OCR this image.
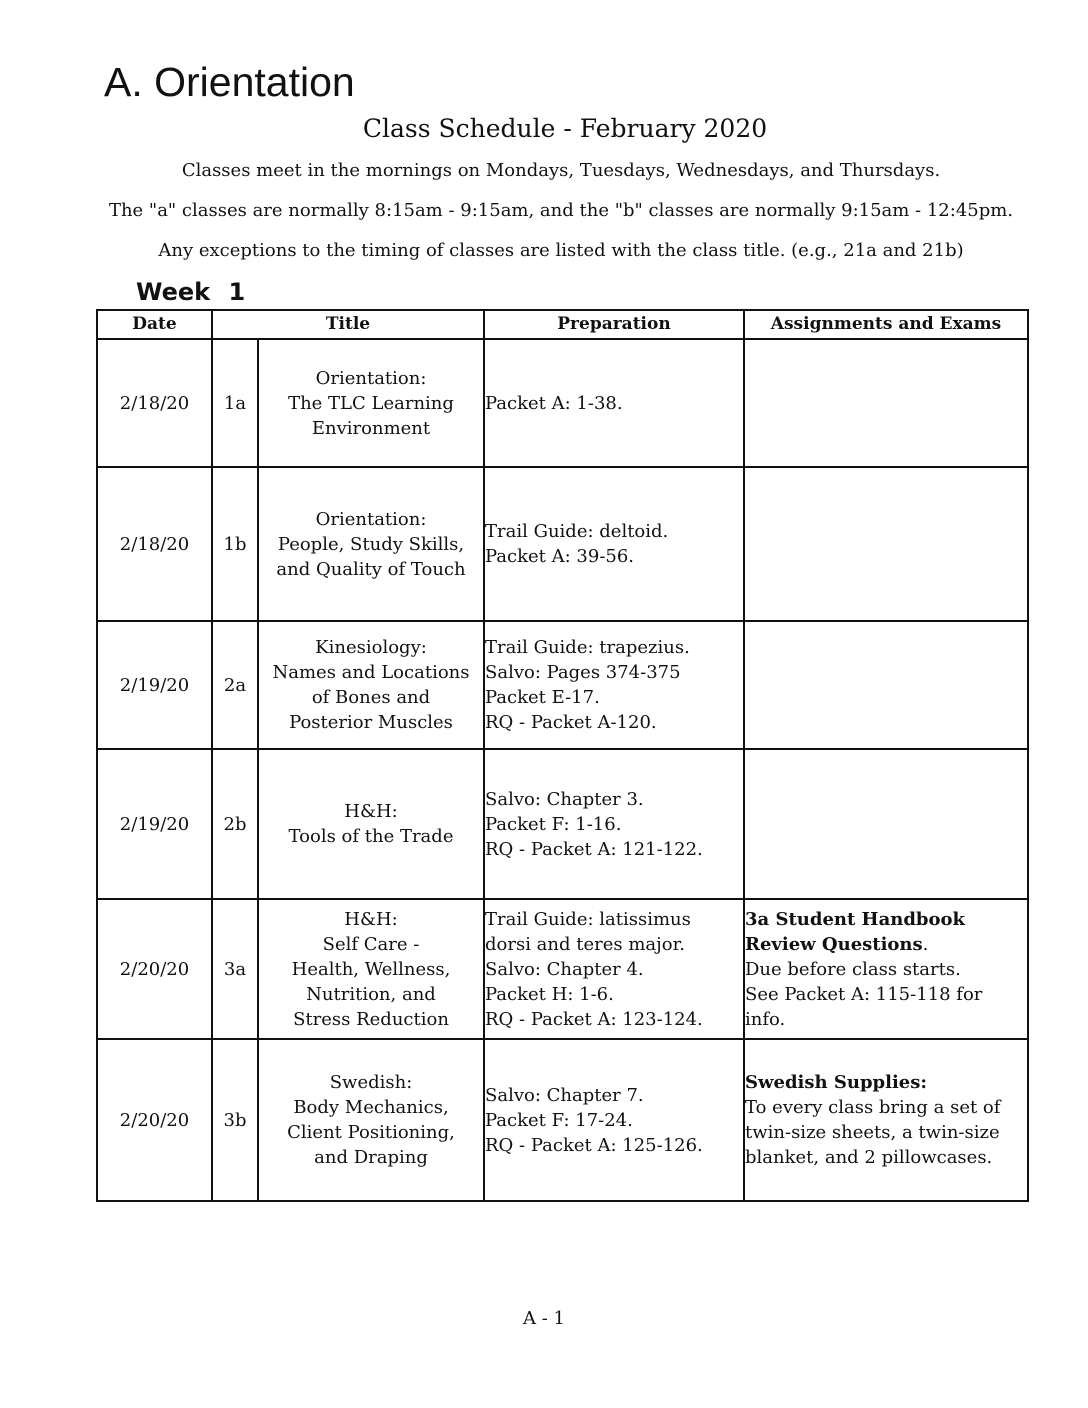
A. Orientation
Class Schedule - February 2020

Classes meet in the mornings on Mondays, Tuesdays, Wednesdays, and Thursdays.

The "a" classes are normally 8:15am - 9:15am, and the "b" classes are normally 9:15am - 12:45pm.

Any exceptions to the timing of classes are listed with the class title. (e.g., 21a and 21b)

Week 1
Date	Title		Preparation	Assignments and Exams
2/18/20	1a	Orientation:
The TLC Learning
Environment	Packet A: 1-38.	

2/18/20	1b	Orientation:
People, Study Skills,
and Quality of Touch	Trail Guide: deltoid.
Packet A: 39-56.	

2/19/20	2a	Kinesiology:
Names and Locations
of Bones and
Posterior Muscles	Trail Guide: trapezius.
Salvo: Pages 374-375
Packet E-17.
RQ - Packet A-120.	

2/19/20	2b	H&H:
Tools of the Trade	Salvo: Chapter 3.
Packet F: 1-16.
RQ - Packet A: 121-122.	

2/20/20	3a	H&H:
Self Care -
Health, Wellness,
Nutrition, and
Stress Reduction	Trail Guide: latissimus
dorsi and teres major.
Salvo: Chapter 4.
Packet H: 1-6.
RQ - Packet A: 123-124.	3a Student Handbook
Review Questions.
Due before class starts.
See Packet A: 115-118 for
info.

2/20/20	3b	Swedish:
Body Mechanics,
Client Positioning,
and Draping	Salvo: Chapter 7.
Packet F: 17-24.
RQ - Packet A: 125-126.	Swedish Supplies:
To every class bring a set of
twin-size sheets, a twin-size
blanket, and 2 pillowcases.

A - 1
